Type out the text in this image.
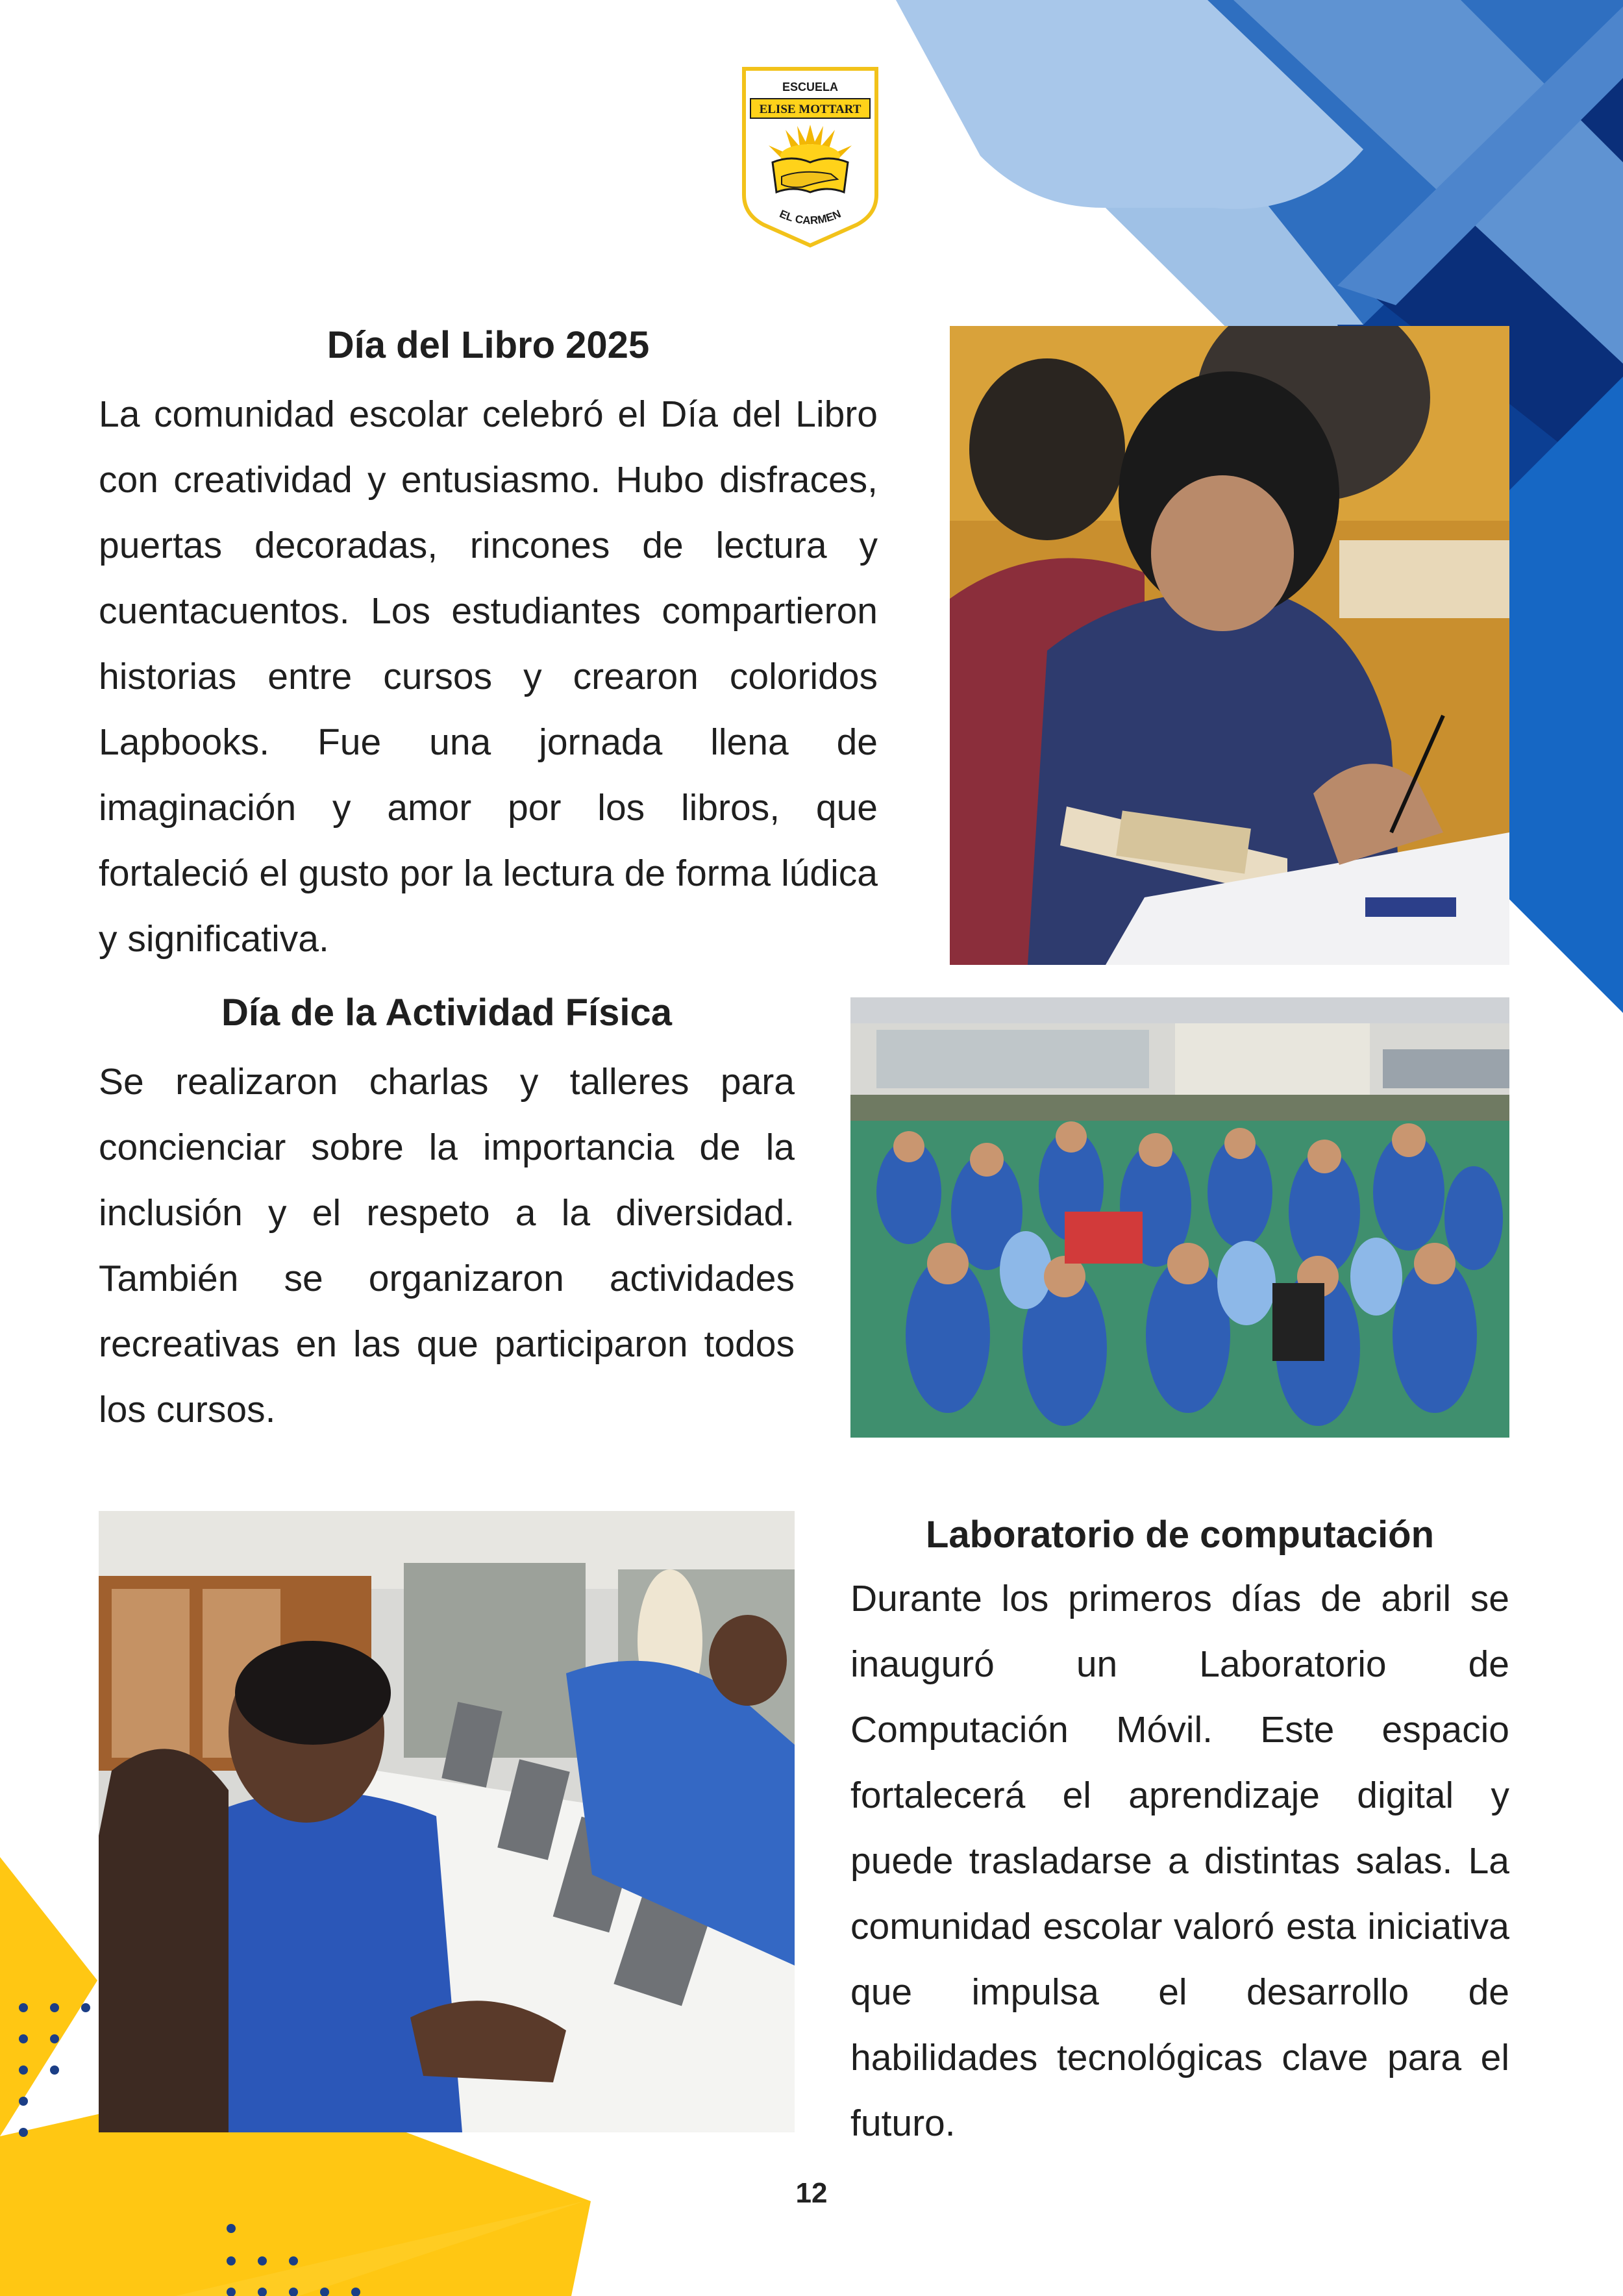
ESCUELA
ELISE MOTTART
EL CARMEN
Día del Libro 2025

La comunidad escolar celebró el Día del Libro con creatividad y entusiasmo. Hubo disfraces, puertas decoradas, rincones de lectura y cuentacuentos. Los estudiantes compartieron historias entre cursos y crearon coloridos Lapbooks. Fue una jornada llena de imaginación y amor por los libros, que fortaleció el gusto por la lectura de forma lúdica y significativa.

Día de la Actividad Física

Se realizaron charlas y talleres para concienciar sobre la importancia de la inclusión y el respeto a la diversidad. También se organizaron actividades recreativas en las que participaron todos los cursos.

Laboratorio de computación

Durante los primeros días de abril se inauguró un Laboratorio de Computación Móvil. Este espacio fortalecerá el aprendizaje digital y puede trasladarse a distintas salas. La comunidad escolar valoró esta iniciativa que impulsa el desarrollo de habilidades tecnológicas clave para el futuro.

12
